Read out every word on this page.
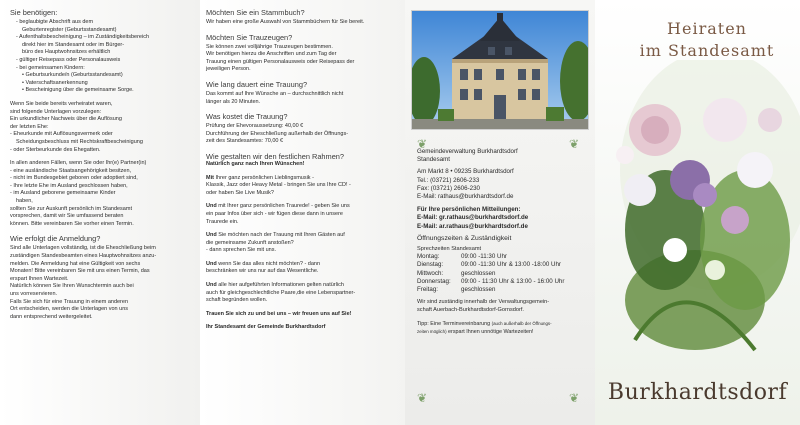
Sie benötigen:
- beglaubigte Abschrift aus dem
Geburtenregister (Geburtsstandesamt)
- Aufenthaltsbescheinigung – im Zuständigkeitsbereich
direkt hier im Standesamt oder im Bürger-
büro des Hauptwohnsitzes erhältlich
- gültiger Reisepass oder Personalausweis
- bei gemeinsamen Kindern:
• Geburtsurkunde/n (Geburtsstandesamt)
• Vaterschaftsanerkennung
• Bescheinigung über die gemeinsame Sorge.
Wenn Sie beide bereits verheiratet waren,
sind folgende Unterlagen vorzulegen:
Ein urkundlicher Nachweis über die Auflösung
der letzten Ehe:
- Eheurkunde mit Auflösungsvermerk oder
Scheidungsbeschluss mit Rechtskraftbescheinigung
- oder Sterbeurkunde des Ehegatten.
In allen anderen Fällen, wenn Sie oder Ihr(e) Partner(in)
- eine ausländische Staatsangehörigkeit besitzen,
- nicht im Bundesgebiet geboren oder adoptiert sind,
- Ihre letzte Ehe im Ausland geschlossen haben,
- im Ausland geborene gemeinsame Kinder
haben,
sollten Sie zur Auskunft persönlich im Standesamt
vorsprechen, damit wir Sie umfassend beraten
können. Bitte vereinbaren Sie vorher einen Termin.
Wie erfolgt die Anmeldung?
Sind alle Unterlagen vollständig, ist die Eheschließung beim
zuständigen Standesbeamten eines Hauptwohnsitzes anzu-
melden. Die Anmeldung hat eine Gültigkeit von sechs
Monaten! Bitte vereinbaren Sie mit uns einen Termin, das
erspart Ihnen Wartezeit.
Natürlich können Sie Ihren Wunschtermin auch bei
uns vorreservieren.
Falls Sie sich für eine Trauung in einem anderen
Ort entscheiden, werden die Unterlagen von uns
dann entsprechend weitergeleitet.
Möchten Sie ein Stammbuch?
Wir haben eine große Auswahl von Stammbüchern für Sie bereit.
Möchten Sie Trauzeugen?
Sie können zwei volljährige Trauzeugen bestimmen.
Wir benötigen hierzu die Anschriften und zum Tag der
Trauung einen gültigen Personalausweis oder Reisepass der
jeweiligen Person.
Wie lang dauert eine Trauung?
Das kommt auf Ihre Wünsche an – durchschnittlich nicht
länger als 20 Minuten.
Was kostet die Trauung?
Prüfung der Ehevoraussetzung: 40,00 €
Durchführung der Eheschließung außerhalb der Öffnungs-
zeit des Standesamtes: 70,00 €
Wie gestalten wir den festlichen Rahmen?
Natürlich ganz nach Ihren Wünschen!
Mit Ihrer ganz persönlichen Lieblingsmusik -
Klassik, Jazz oder Heavy Metal - bringen Sie uns Ihre CD! -
oder haben Sie Live Musik?
Und mit Ihrer ganz persönlichen Traurede! - geben Sie uns
ein paar Infos über sich - wir fügen diese dann in unsere
Traurede ein.
Und Sie möchten nach der Trauung mit Ihren Gästen auf
die gemeinsame Zukunft anstoßen?
- dann sprechen Sie mit uns.
Und wenn Sie das alles nicht möchten? - dann
beschränken wir uns nur auf das Wesentliche.
Und alle hier aufgeführten Informationen gelten natürlich
auch für gleichgeschlechtliche Paare,die eine Lebenspartner-
schaft begründen wollen.
Trauen Sie sich zu und bei uns – wir freuen uns auf Sie!
Ihr Standesamt der Gemeinde Burkhardtsdorf
❦	❦
Gemeindeverwaltung Burkhardtsdorf
Standesamt
Am Markt 8 • 09235 Burkhardtsdorf
Tel.: (03721) 2606-233
Fax: (03721) 2606-230
E-Mail: rathaus@burkhardtsdorf.de
Für Ihre persönlichen Mitteilungen:
E-Mail: gr.rathaus@burkhardtsdorf.de
E-Mail: ar.rathaus@burkhardtsdorf.de
Öffnungszeiten & Zuständigkeit
Sprechzeiten Standesamt
Montag:	09:00 -11:30 Uhr
Dienstag:	09:00 -11:30 Uhr & 13:00 -18:00 Uhr
Mittwoch:	geschlossen
Donnerstag:	09:00 - 11:30 Uhr & 13:00 - 16:00 Uhr
Freitag:	geschlossen
Wir sind zuständig innerhalb der Verwaltungsgemein-
schaft Auerbach-Burkhardtsdorf-Gornsdorf.
Tipp: Eine Terminvereinbarung (auch außerhalb der Öffnungs-
zeiten möglich) erspart Ihnen unnötige Wartezeiten!
❦	❦
Heiraten
im Standesamt
Burkhardtsdorf
